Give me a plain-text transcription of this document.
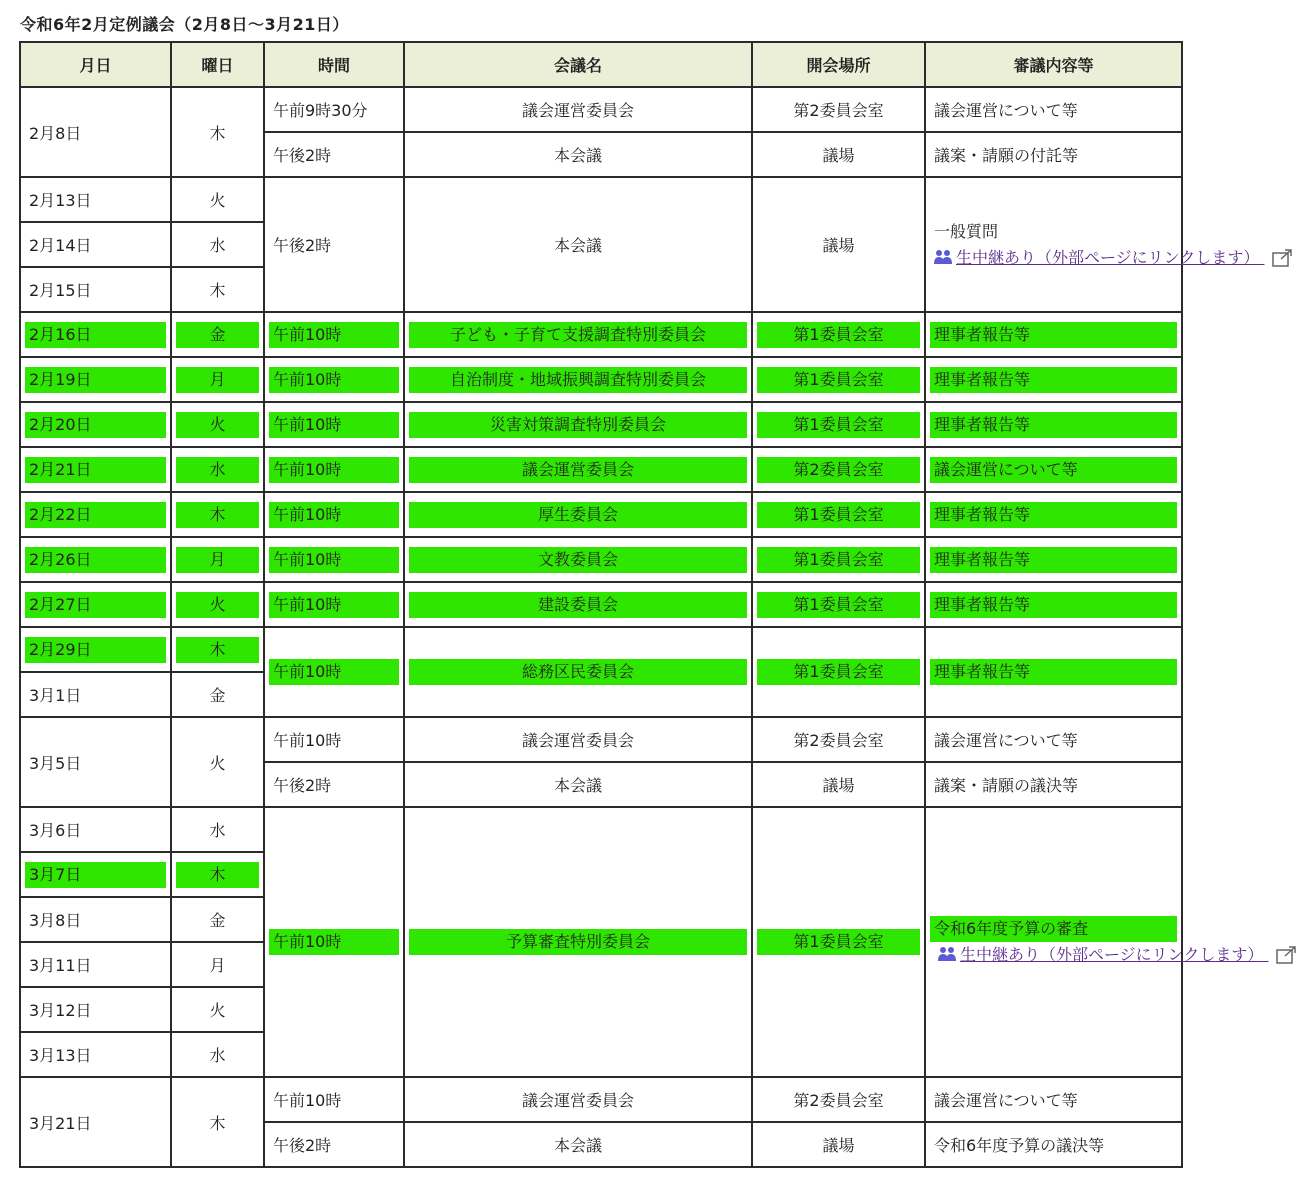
令和6年2月定例議会（2月8日～3月21日）
月日	曜日	時間	会議名	開会場所	審議内容等
2月8日	木	午前9時30分	議会運営委員会	第2委員会室	議会運営について等
		午後2時	本会議	議場	議案・請願の付託等
2月13日	火	午後2時	本会議	議場	一般質問
生中継あり（外部ページにリンクします）
2月14日	水				
2月15日	木				

2月16日	金	午前10時	子ども・子育て支援調査特別委員会	第1委員会室	理事者報告等

2月19日	月	午前10時	自治制度・地域振興調査特別委員会	第1委員会室	理事者報告等

2月20日	火	午前10時	災害対策調査特別委員会	第1委員会室	理事者報告等

2月21日	水	午前10時	議会運営委員会	第2委員会室	議会運営について等

2月22日	木	午前10時	厚生委員会	第1委員会室	理事者報告等

2月26日	月	午前10時	文教委員会	第1委員会室	理事者報告等

2月27日	火	午前10時	建設委員会	第1委員会室	理事者報告等

2月29日	木	午前10時	総務区民委員会	第1委員会室	理事者報告等

3月1日	金				
3月5日	火	午前10時	議会運営委員会	第2委員会室	議会運営について等
		午後2時	本会議	議場	議案・請願の議決等
3月6日	水	午前10時	予算審査特別委員会	第1委員会室	令和6年度予算の審査
生中継あり（外部ページにリンクします）

3月7日	木				

3月8日	金				
3月11日	月				
3月12日	火				
3月13日	水				
3月21日	木	午前10時	議会運営委員会	第2委員会室	議会運営について等
		午後2時	本会議	議場	令和6年度予算の議決等
